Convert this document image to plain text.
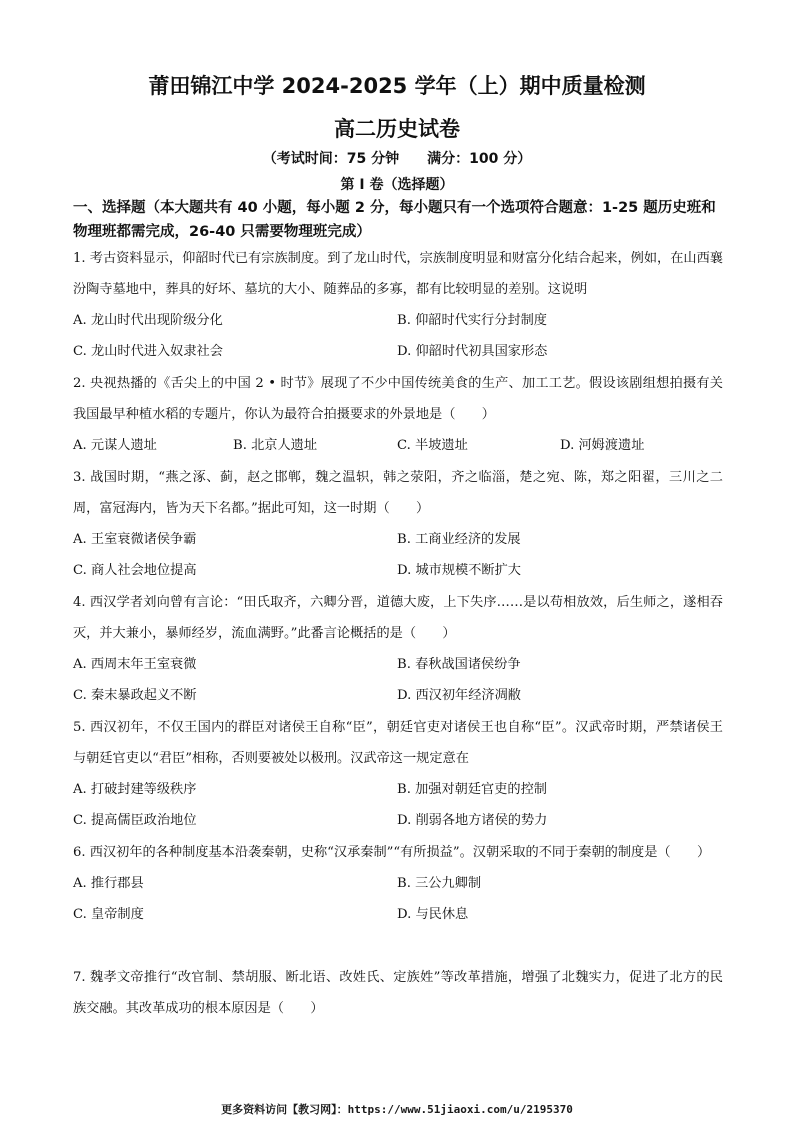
莆田锦江中学 2024-2025 学年（上）期中质量检测
高二历史试卷
（考试时间：75 分钟 满分：100 分）
第 I 卷（选择题）
一、选择题（本大题共有 40 小题，每小题 2 分，每小题只有一个选项符合题意：1-25 题历史班和物理班都需完成，26-40 只需要物理班完成）
1. 考古资料显示，仰韶时代已有宗族制度。到了龙山时代，宗族制度明显和财富分化结合起来，例如，在山西襄汾陶寺墓地中，葬具的好坏、墓坑的大小、随葬品的多寡，都有比较明显的差别。这说明
A. 龙山时代出现阶级分化	B. 仰韶时代实行分封制度
C. 龙山时代进入奴隶社会	D. 仰韶时代初具国家形态
2. 央视热播的《舌尖上的中国 2 • 时节》展现了不少中国传统美食的生产、加工工艺。假设该剧组想拍摄有关我国最早种植水稻的专题片，你认为最符合拍摄要求的外景地是（　　）
A. 元谋人遗址	B. 北京人遗址	C. 半坡遗址	D. 河姆渡遗址
3. 战国时期，“燕之涿、蓟，赵之邯郸，魏之温轵，韩之荥阳，齐之临淄，楚之宛、陈，郑之阳翟，三川之二周，富冠海内，皆为天下名都。”据此可知，这一时期（　　）
A. 王室衰微诸侯争霸	B. 工商业经济的发展
C. 商人社会地位提高	D. 城市规模不断扩大
4. 西汉学者刘向曾有言论：“田氏取齐，六卿分晋，道德大废，上下失序……是以苟相放效，后生师之，遂相吞灭，并大兼小，暴师经岁，流血满野。”此番言论概括的是（　　）
A. 西周末年王室衰微	B. 春秋战国诸侯纷争
C. 秦末暴政起义不断	D. 西汉初年经济凋敝
5. 西汉初年，不仅王国内的群臣对诸侯王自称“臣”，朝廷官吏对诸侯王也自称“臣”。汉武帝时期，严禁诸侯王与朝廷官吏以“君臣”相称，否则要被处以极刑。汉武帝这一规定意在
A. 打破封建等级秩序	B. 加强对朝廷官吏的控制
C. 提高儒臣政治地位	D. 削弱各地方诸侯的势力
6. 西汉初年的各种制度基本沿袭秦朝，史称“汉承秦制”“有所损益”。汉朝采取的不同于秦朝的制度是（　　）
A. 推行郡县	B. 三公九卿制
C. 皇帝制度	D. 与民休息
7. 魏孝文帝推行“改官制、禁胡服、断北语、改姓氏、定族姓”等改革措施，增强了北魏实力，促进了北方的民族交融。其改革成功的根本原因是（　　）
更多资料访问【教习网】：https://www.51jiaoxi.com/u/2195370
